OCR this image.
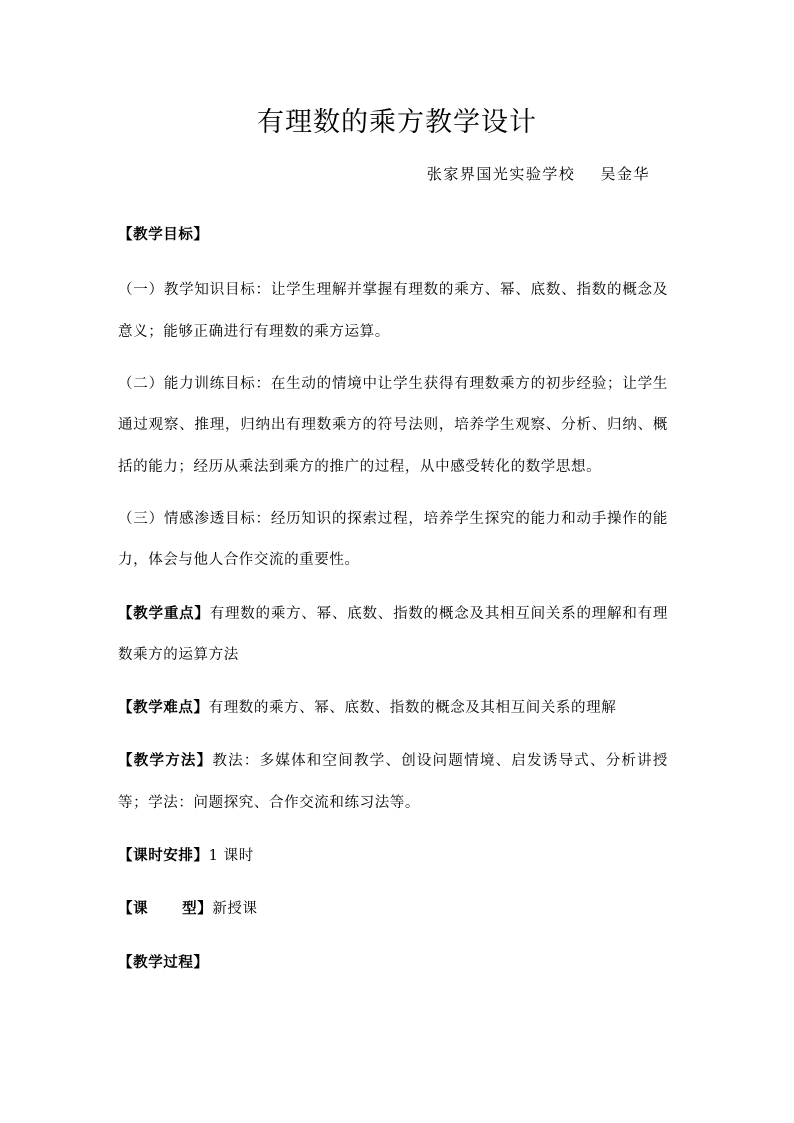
有理数的乘方教学设计
张家界国光实验学校    吴金华

【教学目标】

（一）教学知识目标：让学生理解并掌握有理数的乘方、幂、底数、指数的概念及意义；能够正确进行有理数的乘方运算。

（二）能力训练目标：在生动的情境中让学生获得有理数乘方的初步经验；让学生通过观察、推理，归纳出有理数乘方的符号法则，培养学生观察、分析、归纳、概括的能力；经历从乘法到乘方的推广的过程，从中感受转化的数学思想。

（三）情感渗透目标：经历知识的探索过程，培养学生探究的能力和动手操作的能力，体会与他人合作交流的重要性。

【教学重点】有理数的乘方、幂、底数、指数的概念及其相互间关系的理解和有理数乘方的运算方法

【教学难点】有理数的乘方、幂、底数、指数的概念及其相互间关系的理解

【教学方法】教法：多媒体和空间教学、创设问题情境、启发诱导式、分析讲授等；学法：问题探究、合作交流和练习法等。

【课时安排】1 课时

【课      型】新授课

【教学过程】
